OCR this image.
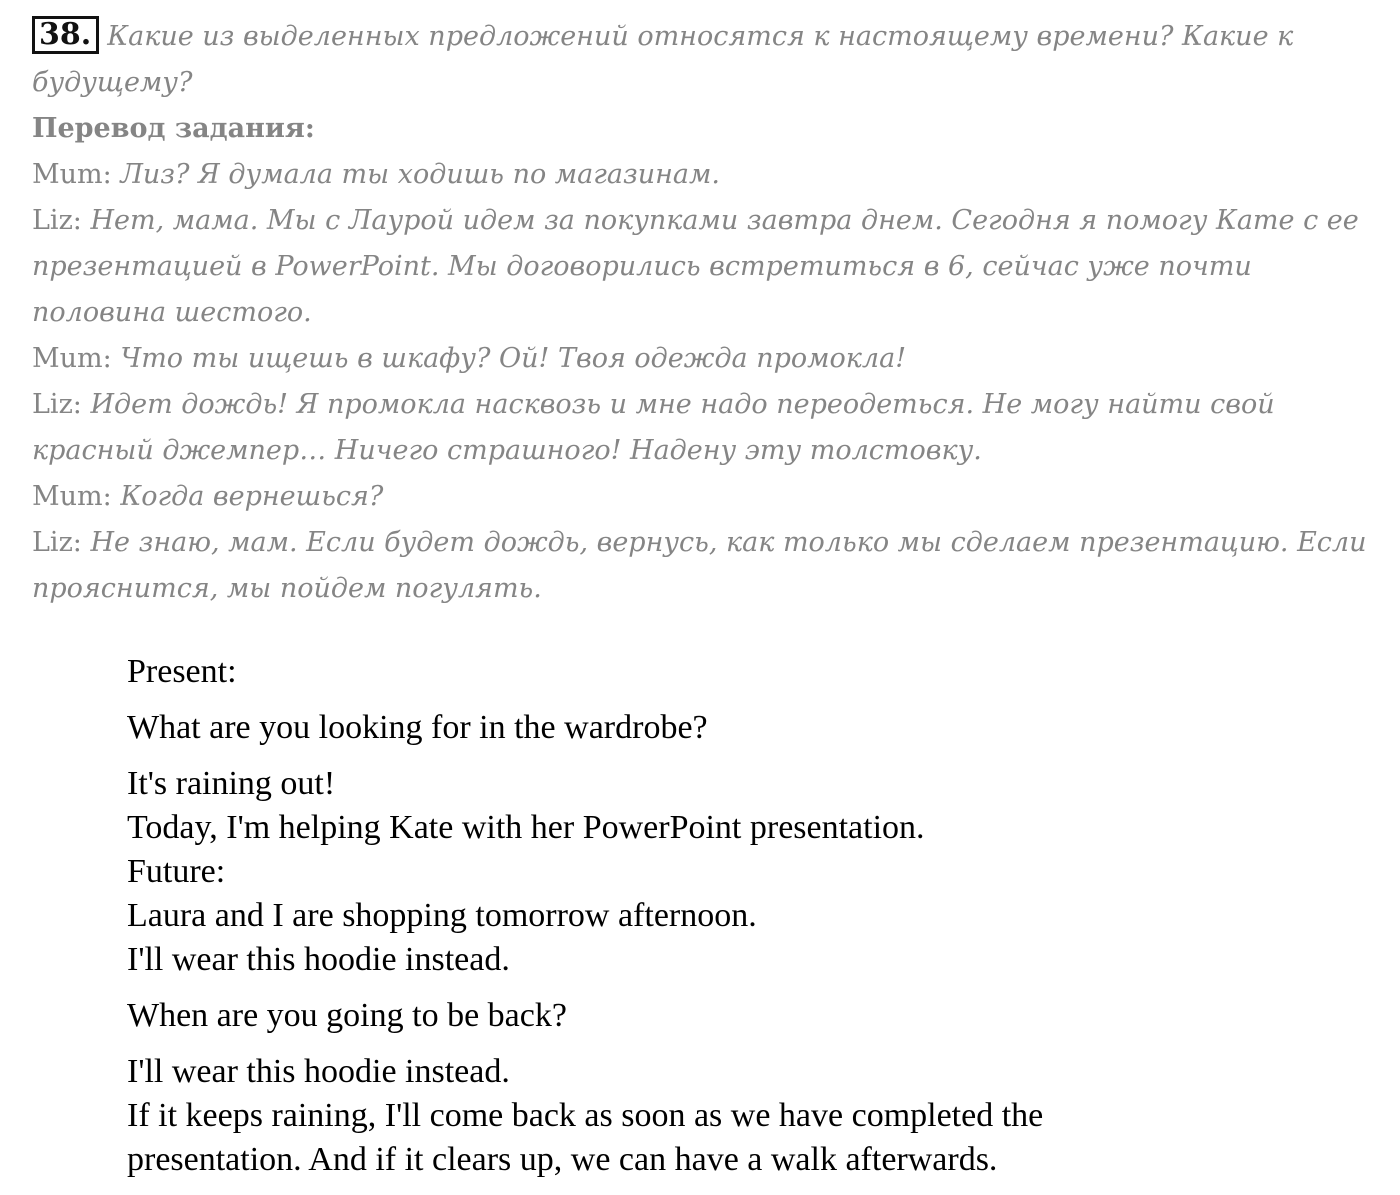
38. Какие из выделенных предложений относятся к настоящему времени? Какие к
будущему?
Перевод задания:
Mum: Лиз? Я думала ты ходишь по магазинам.
Liz: Нет, мама. Мы с Лаурой идем за покупками завтра днем. Сегодня я помогу Кате с ее
презентацией в PowerPoint. Мы договорились встретиться в 6, сейчас уже почти
половина шестого.
Mum: Что ты ищешь в шкафу? Ой! Твоя одежда промокла!
Liz: Идет дождь! Я промокла насквозь и мне надо переодеться. Не могу найти свой
красный джемпер… Ничего страшного! Надену эту толстовку.
Mum: Когда вернешься?
Liz: Не знаю, мам. Если будет дождь, вернусь, как только мы сделаем презентацию. Если
прояснится, мы пойдем погулять.
Present:
What are you looking for in the wardrobe?
It's raining out!
Today, I'm helping Kate with her PowerPoint presentation.
Future:
Laura and I are shopping tomorrow afternoon.
I'll wear this hoodie instead.
When are you going to be back?
I'll wear this hoodie instead.
If it keeps raining, I'll come back as soon as we have completed the
presentation. And if it clears up, we can have a walk afterwards.
